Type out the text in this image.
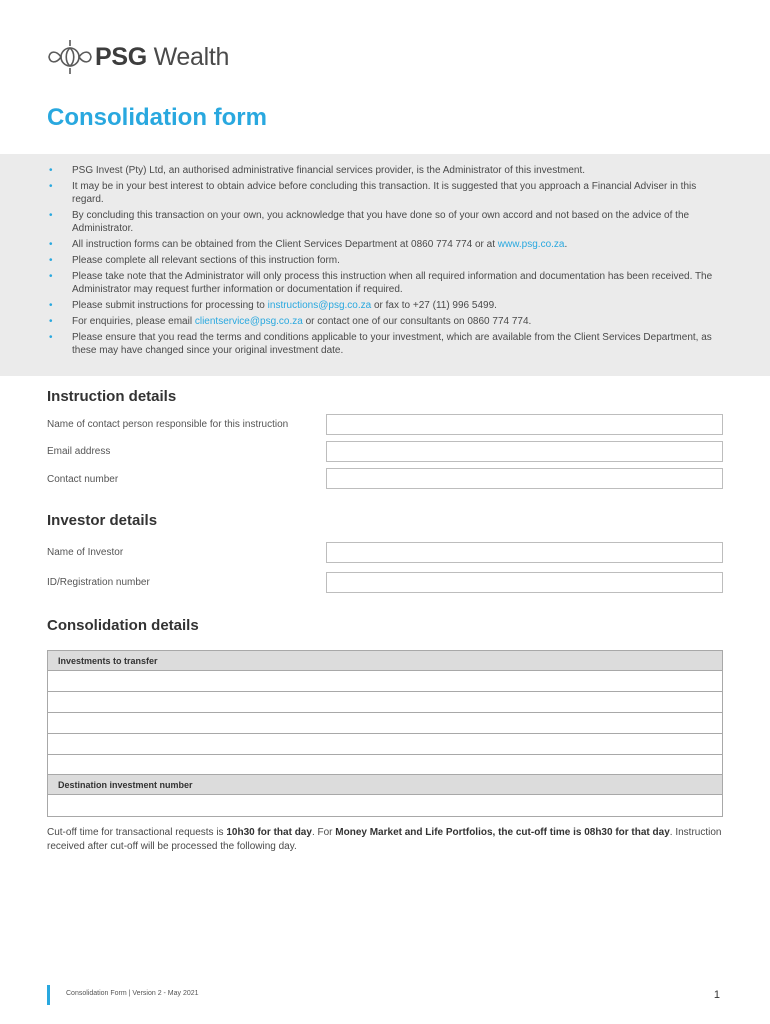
PSG Wealth
Consolidation form
• PSG Invest (Pty) Ltd, an authorised administrative financial services provider, is the Administrator of this investment.
• It may be in your best interest to obtain advice before concluding this transaction. It is suggested that you approach a Financial Adviser in this regard.
• By concluding this transaction on your own, you acknowledge that you have done so of your own accord and not based on the advice of the Administrator.
• All instruction forms can be obtained from the Client Services Department at 0860 774 774 or at www.psg.co.za.
• Please complete all relevant sections of this instruction form.
• Please take note that the Administrator will only process this instruction when all required information and documentation has been received. The Administrator may request further information or documentation if required.
• Please submit instructions for processing to instructions@psg.co.za or fax to +27 (11) 996 5499.
• For enquiries, please email clientservice@psg.co.za or contact one of our consultants on 0860 774 774.
• Please ensure that you read the terms and conditions applicable to your investment, which are available from the Client Services Department, as these may have changed since your original investment date.
Instruction details
Name of contact person responsible for this instruction
Email address
Contact number
Investor details
Name of Investor
ID/Registration number
Consolidation details
Investments to transfer
Destination investment number
Cut-off time for transactional requests is 10h30 for that day. For Money Market and Life Portfolios, the cut-off time is 08h30 for that day. Instruction received after cut-off will be processed the following day.
Consolidation Form | Version 2 - May 2021	1
